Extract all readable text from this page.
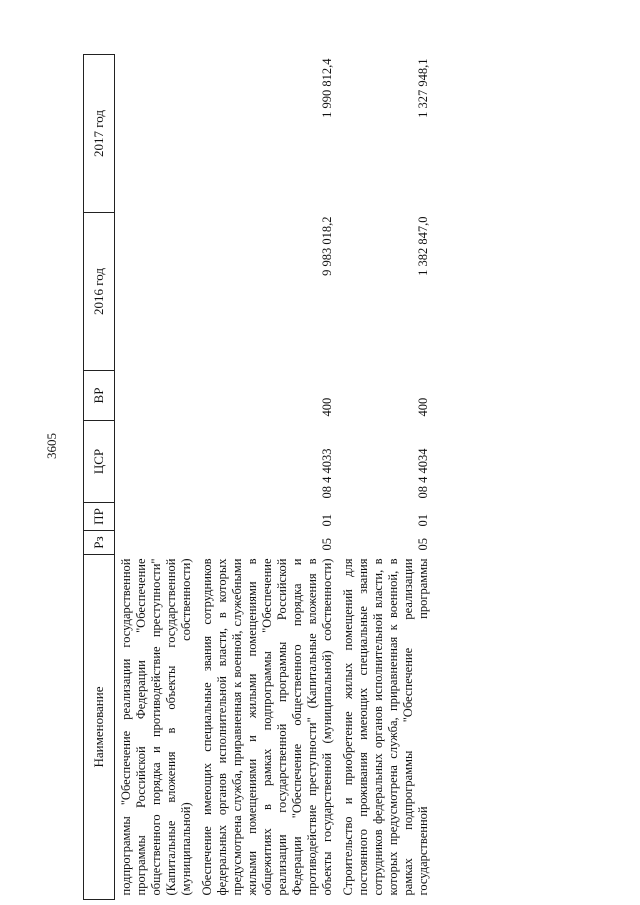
3605
Наименование	Рз	ПР	ЦСР	ВР	2016 год	2017 год
подпрограммы "Обеспечение реализации государственной программы Российской Федерации "Обеспечение общественного порядка и противодействие преступности" (Капитальные вложения в объекты государственной (муниципальной) собственности)						
Обеспечение имеющих специальные звания сотрудников федеральных органов исполнительной власти, в которых предусмотрена служба, приравненная к военной, служебными жилыми помещениями и жилыми помещениями в общежитиях в рамках подпрограммы "Обеспечение реализации государственной программы Российской Федерации "Обеспечение общественного порядка и противодействие преступности" (Капитальные вложения в объекты государственной (муниципальной) собственности)	05	01	08 4 4033	400	9 983 018,2	1 990 812,4
Строительство и приобретение жилых помещений для постоянного проживания имеющих специальные звания сотрудников федеральных органов исполнительной власти, в которых предусмотрена служба, приравненная к военной, в рамках подпрограммы "Обеспечение реализации государственной программы	05	01	08 4 4034	400	1 382 847,0	1 327 948,1
